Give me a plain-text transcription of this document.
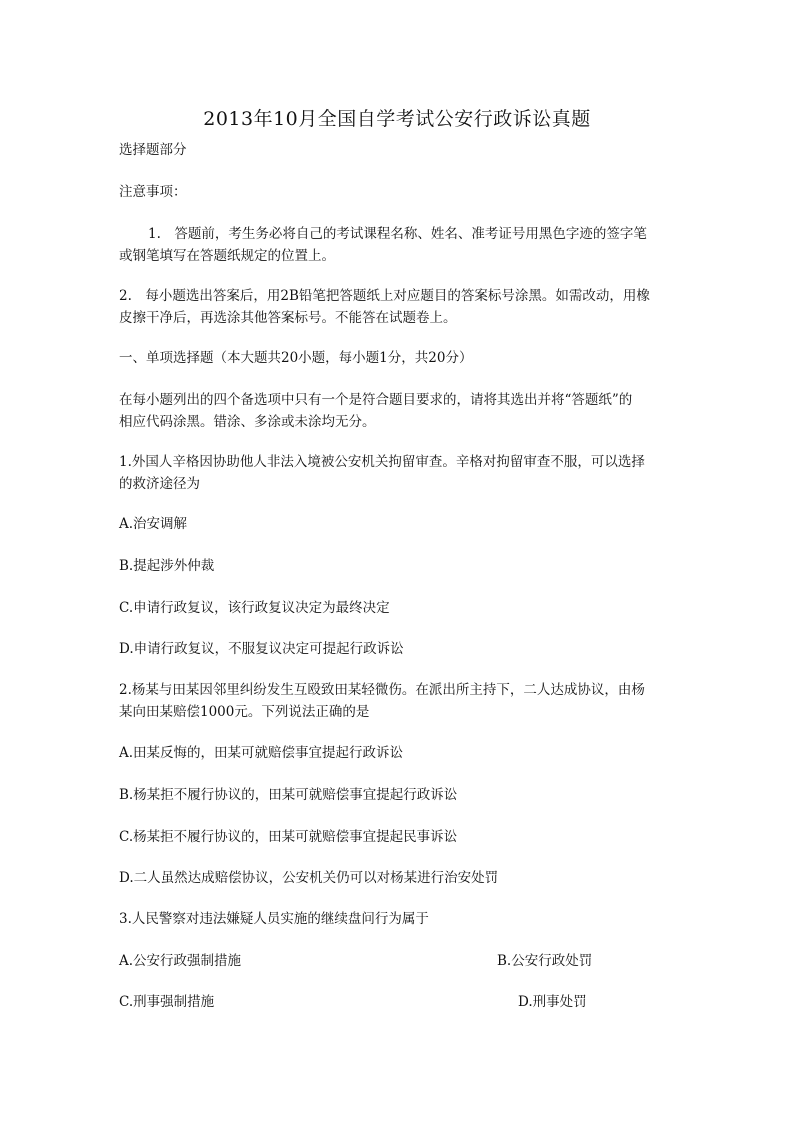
2013年10月全国自学考试公安行政诉讼真题
选择题部分
注意事项：
1.　答题前，考生务必将自己的考试课程名称、姓名、准考证号用黑色字迹的签字笔
或钢笔填写在答题纸规定的位置上。
2.　每小题选出答案后，用2B铅笔把答题纸上对应题目的答案标号涂黑。如需改动，用橡
皮擦干净后，再选涂其他答案标号。不能答在试题卷上。
一、单项选择题（本大题共20小题，每小题1分，共20分）
在每小题列出的四个备选项中只有一个是符合题目要求的，请将其选出并将“答题纸”的
相应代码涂黑。错涂、多涂或未涂均无分。
1.外国人辛格因协助他人非法入境被公安机关拘留审查。辛格对拘留审查不服，可以选择
的救济途径为
A.治安调解
B.提起涉外仲裁
C.申请行政复议，该行政复议决定为最终决定
D.申请行政复议，不服复议决定可提起行政诉讼
2.杨某与田某因邻里纠纷发生互殴致田某轻微伤。在派出所主持下，二人达成协议，由杨
某向田某赔偿1000元。下列说法正确的是
A.田某反悔的，田某可就赔偿事宜提起行政诉讼
B.杨某拒不履行协议的，田某可就赔偿事宜提起行政诉讼
C.杨某拒不履行协议的，田某可就赔偿事宜提起民事诉讼
D.二人虽然达成赔偿协议，公安机关仍可以对杨某进行治安处罚
3.人民警察对违法嫌疑人员实施的继续盘问行为属于
A.公安行政强制措施	B.公安行政处罚
C.刑事强制措施	D.刑事处罚
